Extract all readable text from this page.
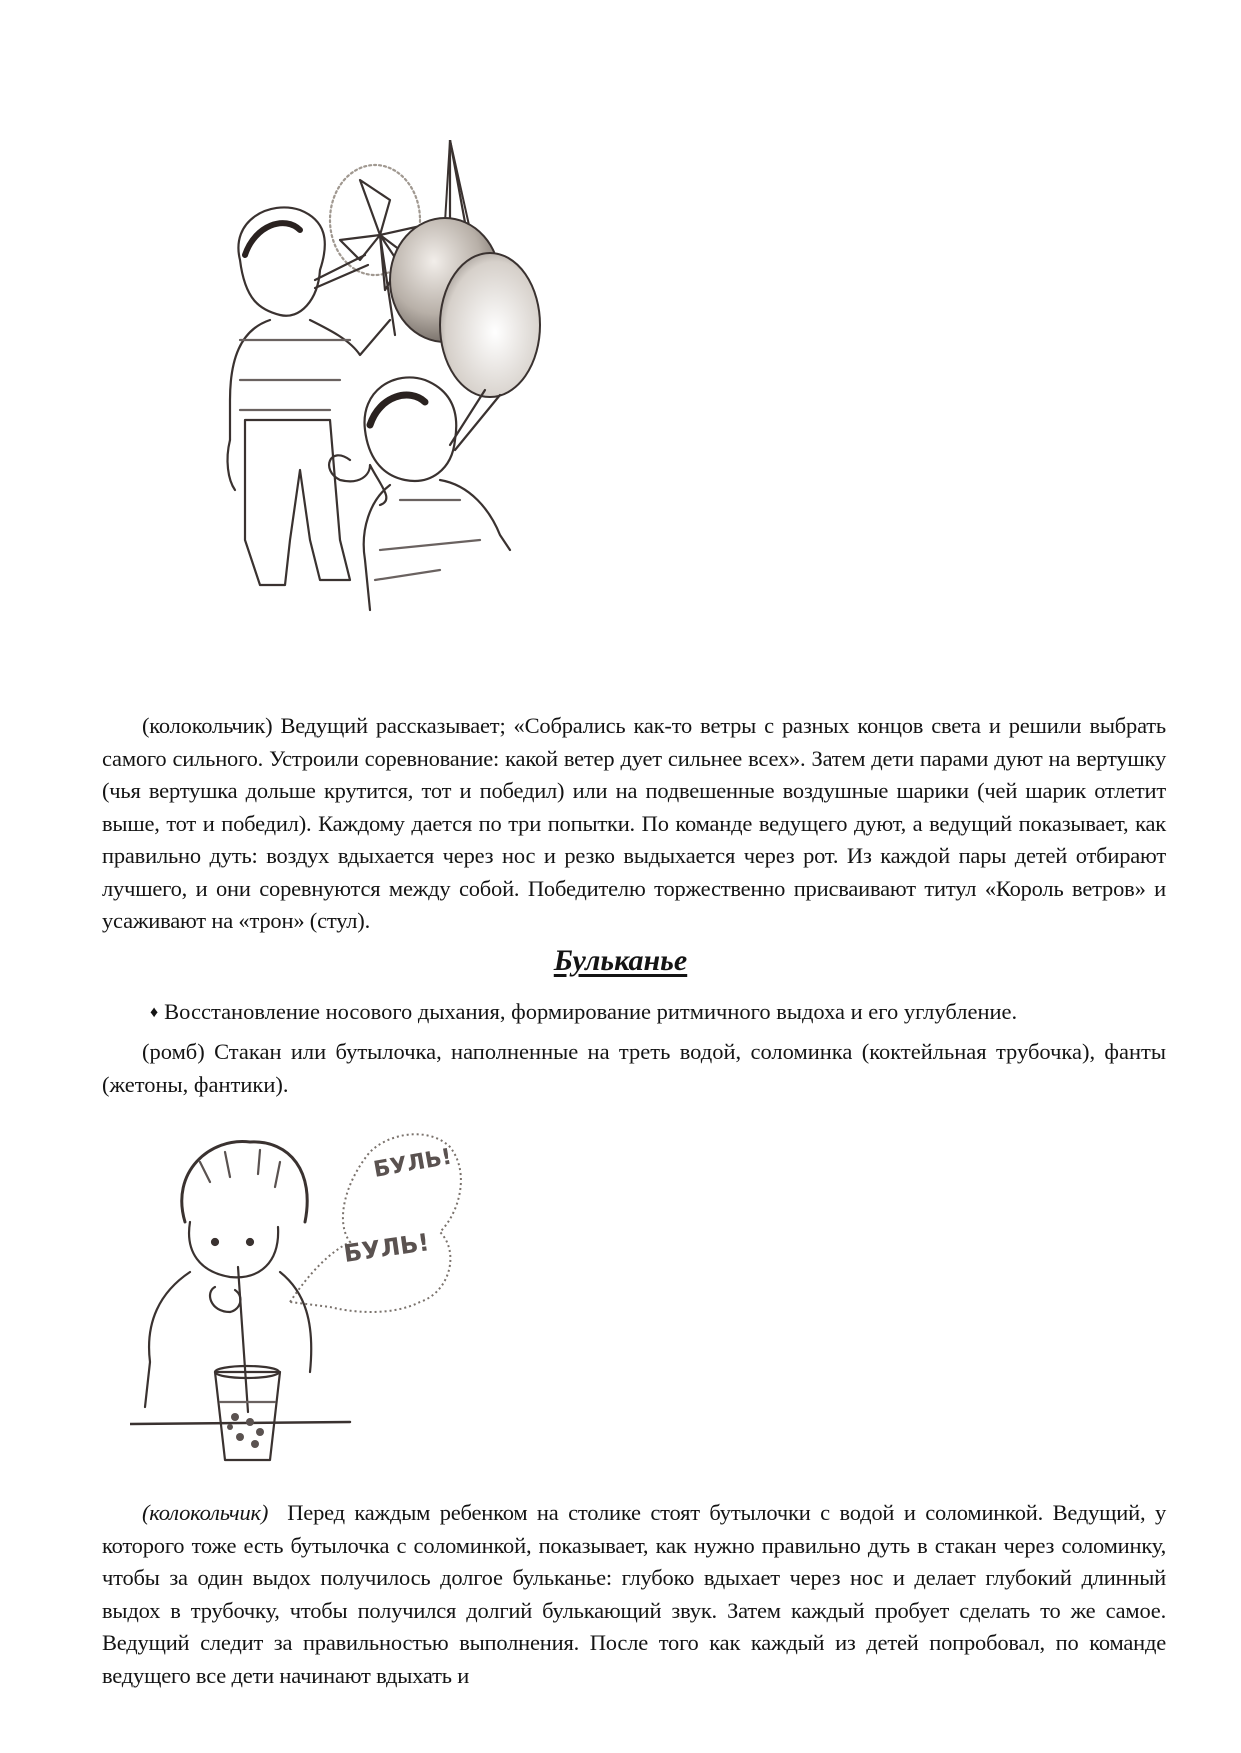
(колокольчик) Ведущий рассказывает; «Собрались как-то ветры с разных концов света и решили выбрать самого сильного. Устроили соревнование: какой ветер дует сильнее всех». Затем дети парами дуют на вертушку (чья вертушка дольше крутится, тот и победил) или на подвешенные воздушные шарики (чей шарик отлетит выше, тот и победил). Каждому дается по три попытки. По команде ведущего дуют, а ведущий показывает, как правильно дуть: воздух вдыхается через нос и резко выдыхается через рот. Из каждой пары детей отбирают лучшего, и они соревнуются между собой. Победителю торжественно присваивают титул «Король ветров» и усаживают на «трон» (стул).

Бульканье
♦ Восстановление носового дыхания, формирование ритмичного выдоха и его углубление.

(ромб) Стакан или бутылочка, наполненные на треть водой, соломинка (коктейльная трубочка), фанты (жетоны, фантики).

БУЛЬ!
БУЛЬ!

(колокольчик) Перед каждым ребенком на столике стоят бутылочки с водой и соломинкой. Ведущий, у которого тоже есть бутылочка с соломинкой, показывает, как нужно правильно дуть в стакан через соломинку, чтобы за один выдох получилось долгое бульканье: глубоко вдыхает через нос и делает глубокий длинный выдох в трубочку, чтобы получился долгий булькающий звук. Затем каждый пробует сделать то же самое. Ведущий следит за правильностью выполнения. После того как каждый из детей попробовал, по команде ведущего все дети начинают вдыхать и
